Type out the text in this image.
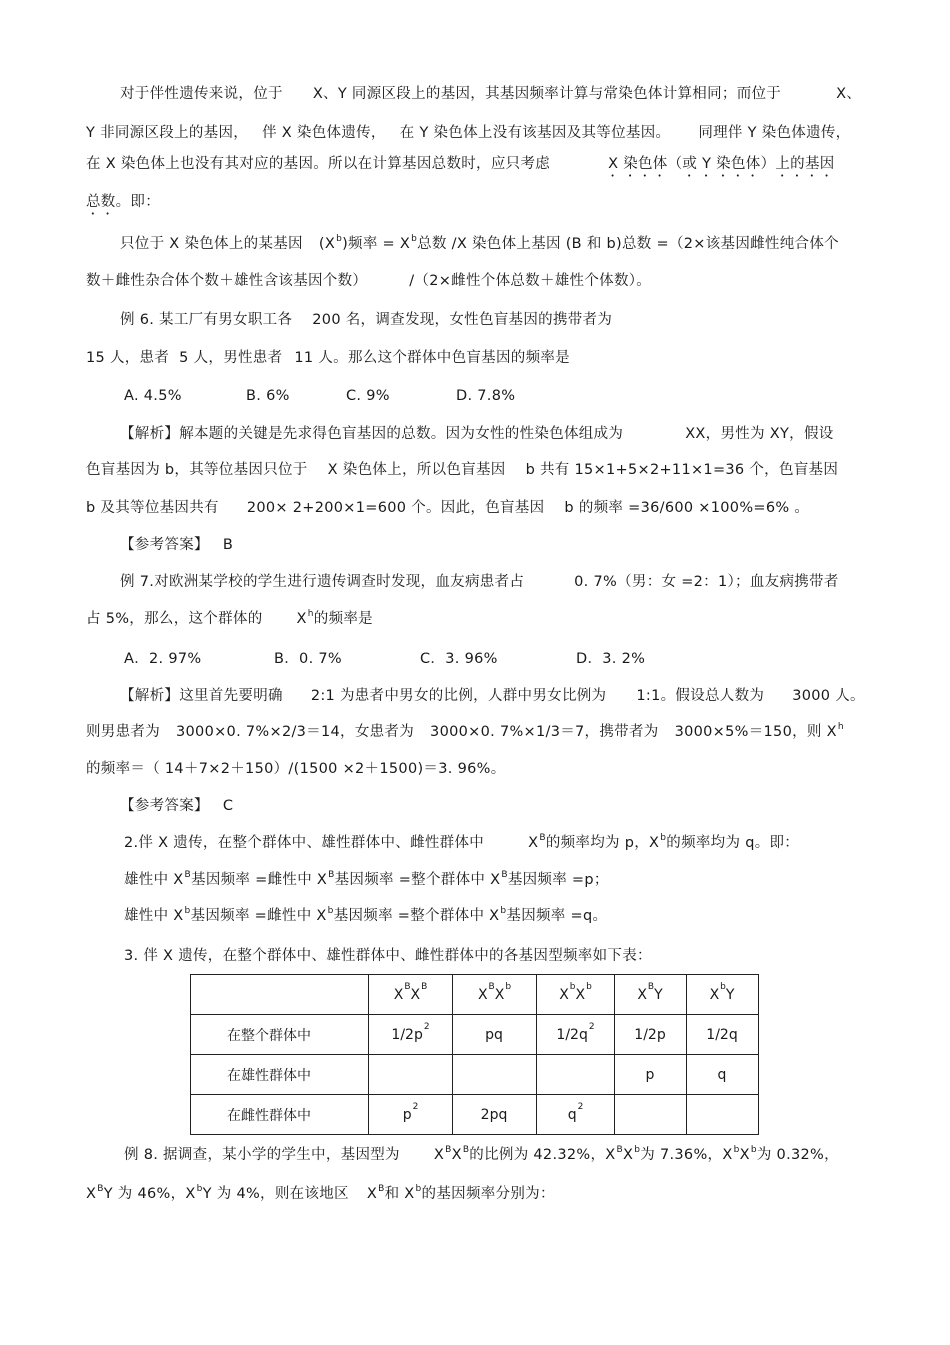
对于伴性遗传来说，位于 X、Y 同源区段上的基因，其基因频率计算与常染色体计算相同；而位于	X、
Y 非同源区段上的基因， 伴 X 染色体遗传， 在 Y 染色体上没有该基因及其等位基因。 同理伴 Y 染色体遗传，
在 X 染色体上也没有其对应的基因。所以在计算基因总数时，应只考虑	X 染色体（或 Y 染色体）上的基因
总数。即：
只位于 X 染色体上的某基因 $(X^b)$频率 = $X^b$总数 /X 染色体上基因 (B 和 b)总数 =（2×该基因雌性纯合体个
数＋雌性杂合体个数＋雄性含该基因个数）	/（2×雌性个体总数＋雄性个体数）。
例 6. 某工厂有男女职工各 200 名，调查发现，女性色盲基因的携带者为
15 人，患者 5 人，男性患者 11 人。那么这个群体中色盲基因的频率是
A. 4.5%	B. 6%	C. 9%	D. 7.8%
【解析】解本题的关键是先求得色盲基因的总数。因为女性的性染色体组成为	XX，男性为 XY，假设
色盲基因为 b，其等位基因只位于 X 染色体上，所以色盲基因 b 共有 15×1+5×2+11×1=36 个，色盲基因
b 及其等位基因共有 200× 2+200×1=600 个。因此，色盲基因 b 的频率 =36/600 ×100%=6% 。
【参考答案】 B
例 7.对欧洲某学校的学生进行遗传调查时发现，血友病患者占	0. 7%（男：女 =2：1）；血友病携带者
占 5%，那么，这个群体的 $X^h$的频率是
A．2. 97%	B．0. 7%	C．3. 96%	D．3. 2%
【解析】这里首先要明确 2:1 为患者中男女的比例，人群中男女比例为 1:1。假设总人数为 3000 人。
则男患者为 3000×0. 7%×2/3＝14，女患者为 3000×0. 7%×1/3＝7，携带者为 3000×5%＝150，则 $X^h$
的频率＝（ 14＋7×2＋150）/(1500 ×2＋1500)＝3. 96%。
【参考答案】 C
2.伴 X 遗传，在整个群体中、雄性群体中、雌性群体中	$X^B$的频率均为 p，$X^b$的频率均为 q。即：
雄性中 $X^B$基因频率 =雌性中 $X^B$基因频率 =整个群体中 $X^B$基因频率 =p；
雄性中 $X^b$基因频率 =雌性中 $X^b$基因频率 =整个群体中 $X^b$基因频率 =q。
3. 伴 X 遗传，在整个群体中、雄性群体中、雌性群体中的各基因型频率如下表：
	$X^BX^B$	$X^BX^b$	$X^bX^b$	$X^BY$	$X^bY$
在整个群体中	$1/2p^2$	pq	$1/2q^2$	1/2p	1/2q
在雄性群体中				p	q
在雌性群体中	$p^2$	2pq	$q^2$		
例 8. 据调查，某小学的学生中，基因型为 $X^BX^B$的比例为 42.32%，$X^BX^b$为 7.36%，$X^bX^b$为 0.32%，
$X^BY$ 为 46%，$X^bY$ 为 4%，则在该地区 $X^B$和 $X^b$的基因频率分别为：
